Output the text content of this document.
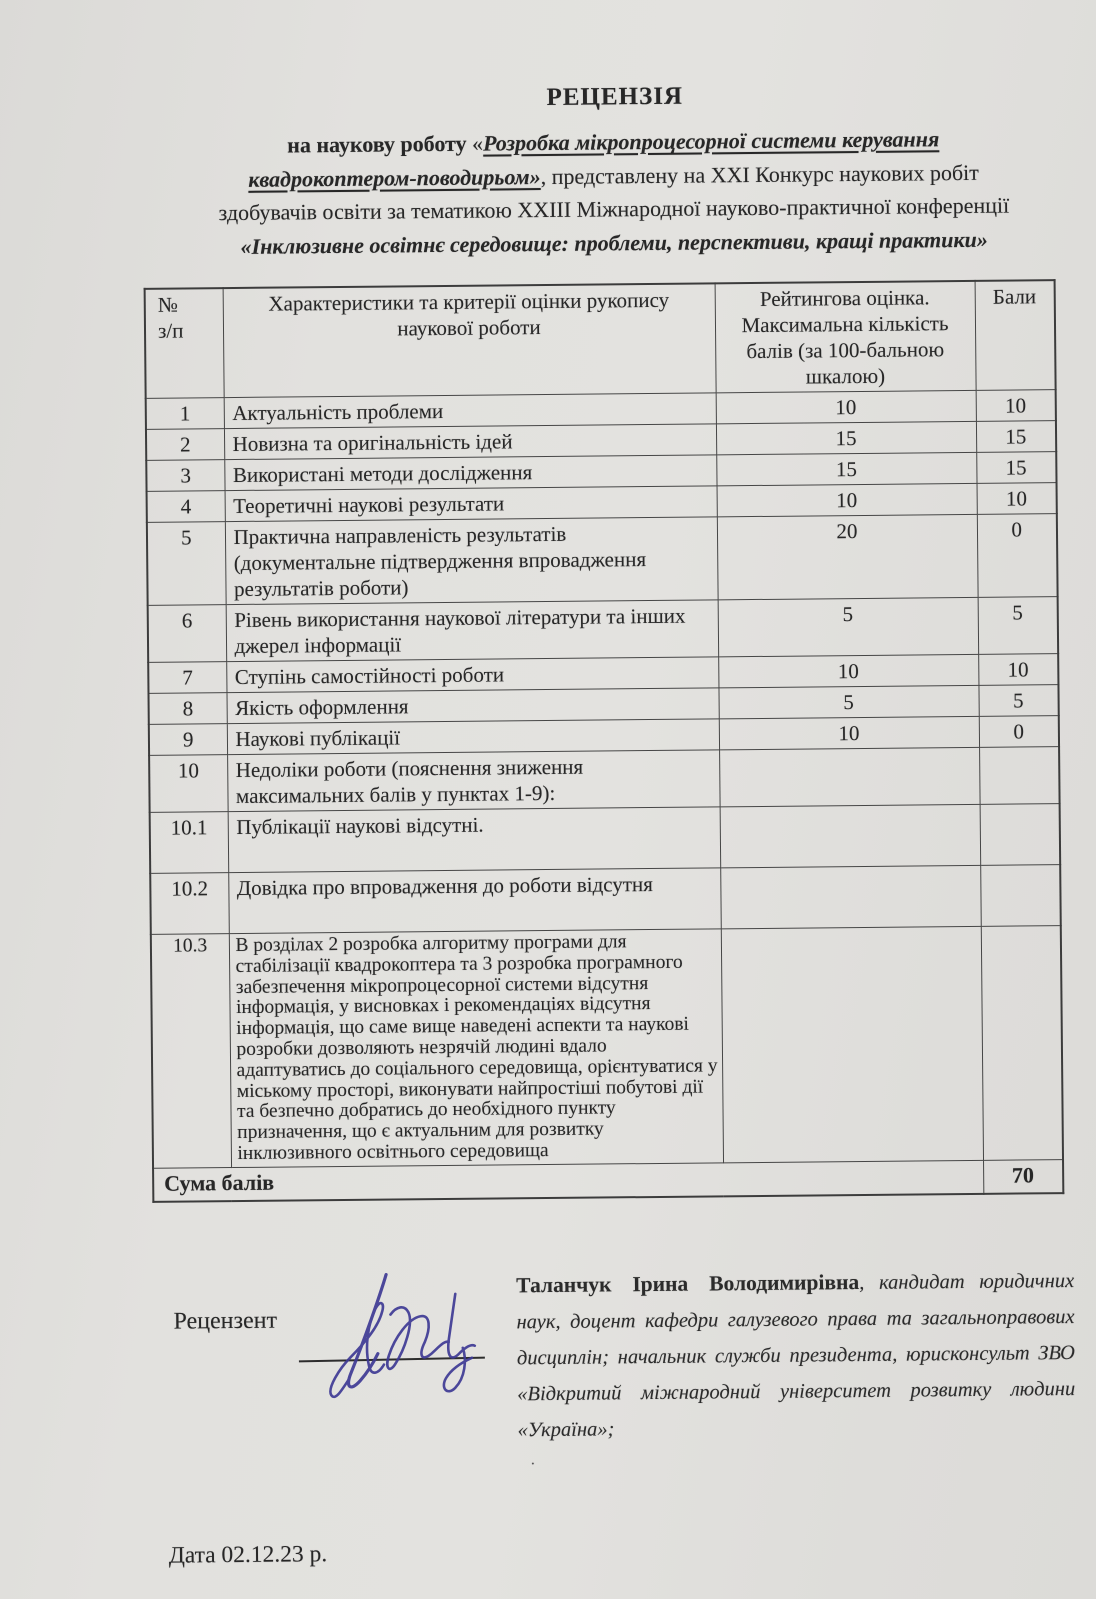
РЕЦЕНЗІЯ
на наукову роботу «Розробка мікропроцесорної системи керування квадрокоптером-поводирьом», представлену на XXI Конкурс наукових робіт здобувачів освіти за тематикою XXIII Міжнародної науково-практичної конференції «Інклюзивне освітнє середовище: проблеми, перспективи, кращі практики»
№
з/п	Характеристики та критерії оцінки рукопису наукової роботи	Рейтингова оцінка. Максимальна кількість балів (за 100-бальною шкалою)	Бали
1	Актуальність проблеми	10	10
2	Новизна та оригінальність ідей	15	15
3	Використані методи дослідження	15	15
4	Теоретичні наукові результати	10	10
5	Практична направленість результатів (документальне підтвердження впровадження результатів роботи)	20	0
6	Рівень використання наукової літератури та інших джерел інформації	5	5
7	Ступінь самостійності роботи	10	10
8	Якість оформлення	5	5
9	Наукові публікації	10	0
10	Недоліки роботи (пояснення зниження максимальних балів у пунктах 1-9):		
10.1	Публікації наукові відсутні.		
10.2	Довідка про впровадження до роботи відсутня		
10.3	В розділах 2 розробка алгоритму програми для стабілізації квадрокоптера та 3 розробка програмного забезпечення мікропроцесорної системи відсутня інформація, у висновках і рекомендаціях відсутня інформація, що саме вище наведені аспекти та наукові розробки дозволяють незрячій людині вдало адаптуватись до соціального середовища, орієнтуватися у міському просторі, виконувати найпростіші побутові дії та безпечно добратись до необхідного пункту призначення, що є актуальним для розвитку інклюзивного освітнього середовища		
Сума балів			70
Рецензент
Таланчук Ірина Володимирівна, кандидат юридичних наук, доцент кафедри галузевого права та загальноправових дисциплін; начальник служби президента, юрисконсульт ЗВО «Відкритий міжнародний університет розвитку людини «Україна»;
.
Дата 02.12.23 р.
